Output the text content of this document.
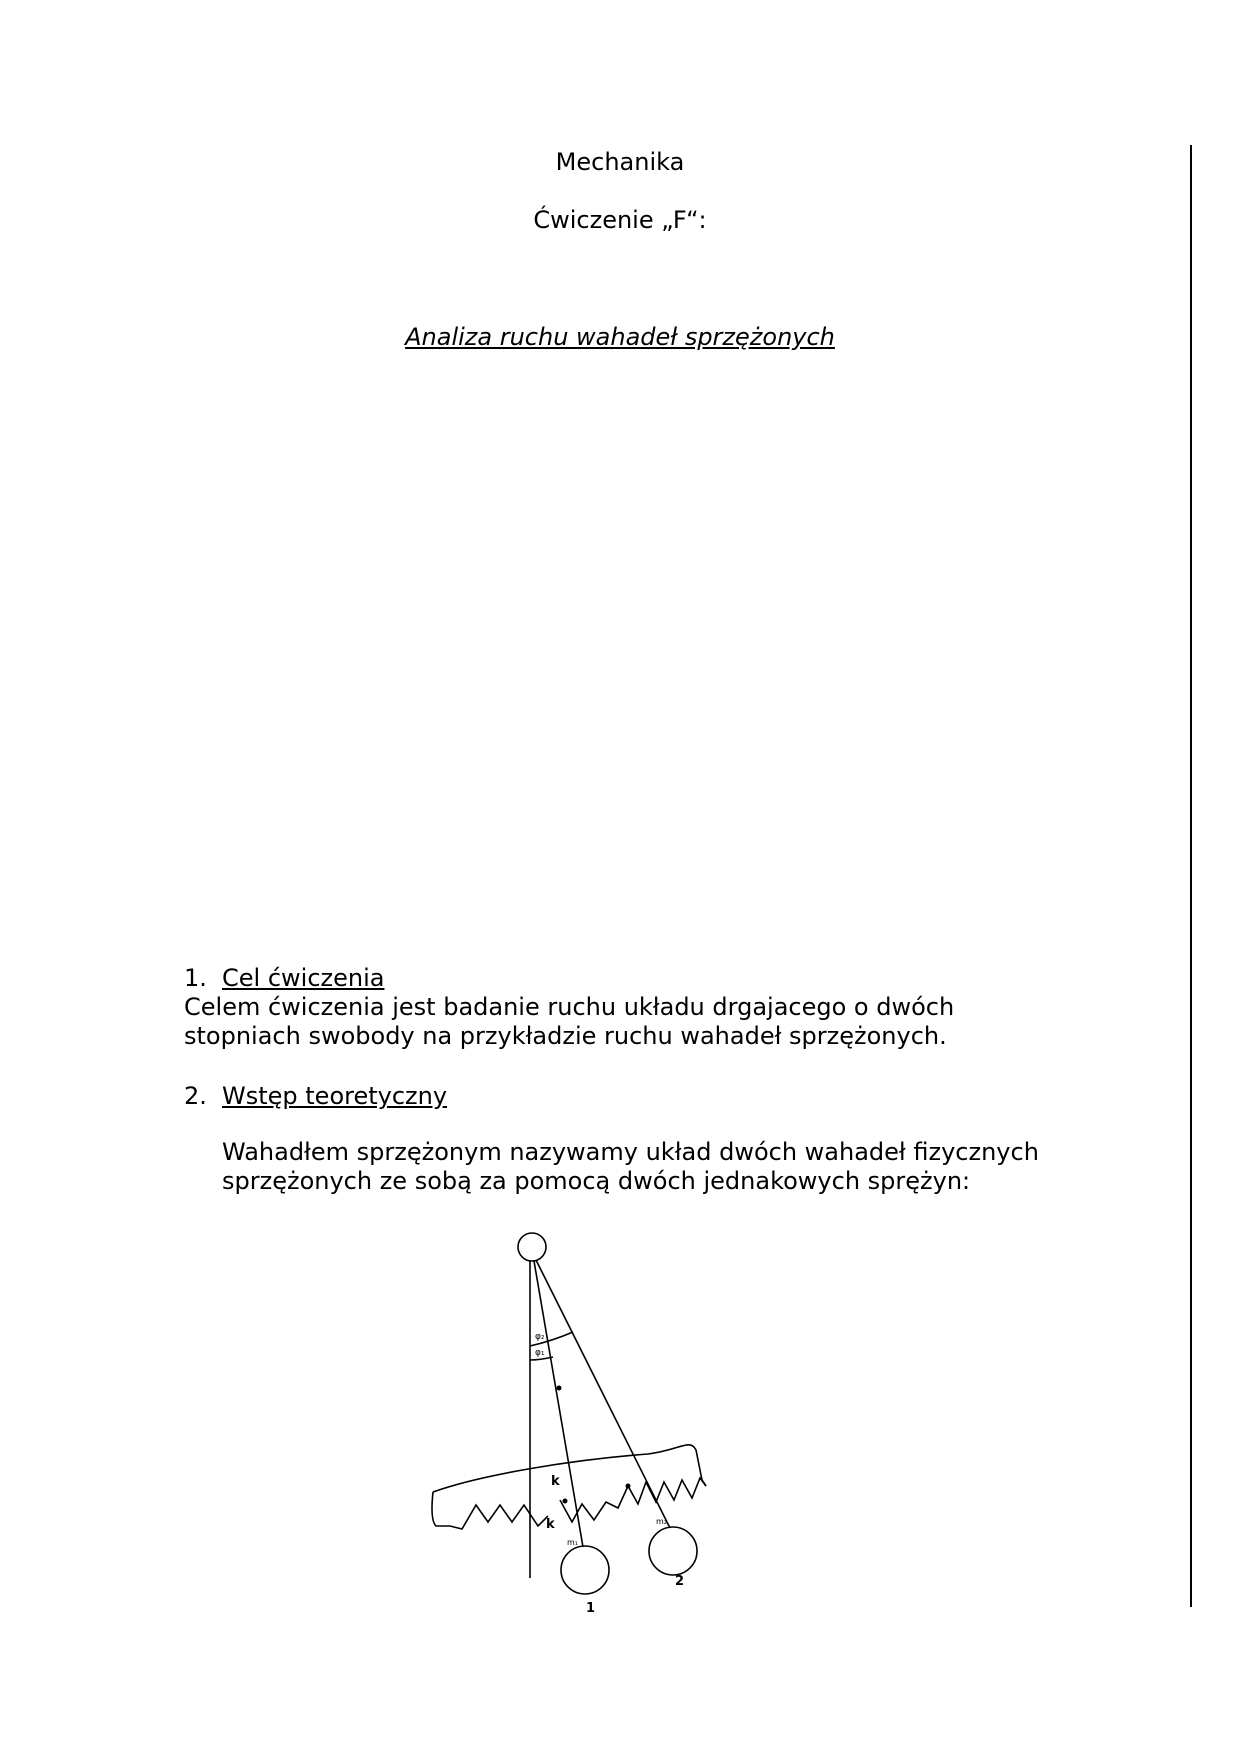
Mechanika
Ćwiczenie „F“:
Analiza ruchu wahadeł sprzężonych
1. Cel ćwiczenia
Celem ćwiczenia jest badanie ruchu układu drgajacego o dwóch
stopniach swobody na przykładzie ruchu wahadeł sprzężonych.
2. Wstęp teoretyczny
Wahadłem sprzężonym nazywamy układ dwóch wahadeł fizycznych
sprzężonych ze sobą za pomocą dwóch jednakowych sprężyn:
φ₂
φ₁
k
k
m₁
m₂
1
2
